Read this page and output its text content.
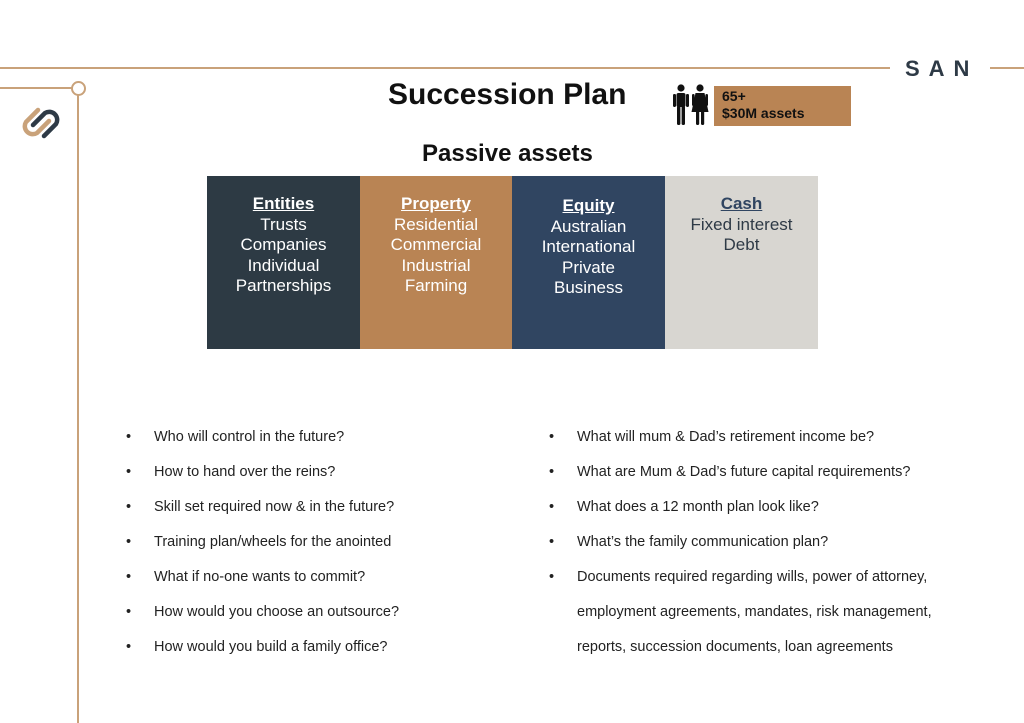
SAN
Succession Plan	65+
$30M assets
Passive assets
Entities
Trusts
Companies
Individual
Partnerships
Property
Residential
Commercial
Industrial
Farming
Equity
Australian
International
Private
Business
Cash
Fixed interest
Debt
• Who will control in the future?
• How to hand over the reins?
• Skill set required now & in the future?
• Training plan/wheels for the anointed
• What if no-one wants to commit?
• How would you choose an outsource?
• How would you build a family office?
• What will mum & Dad’s retirement income be?
• What are Mum & Dad’s future capital requirements?
• What does a 12 month plan look like?
• What’s the family communication plan?
• Documents required regarding wills, power of attorney,
employment agreements, mandates, risk management,
reports, succession documents, loan agreements
